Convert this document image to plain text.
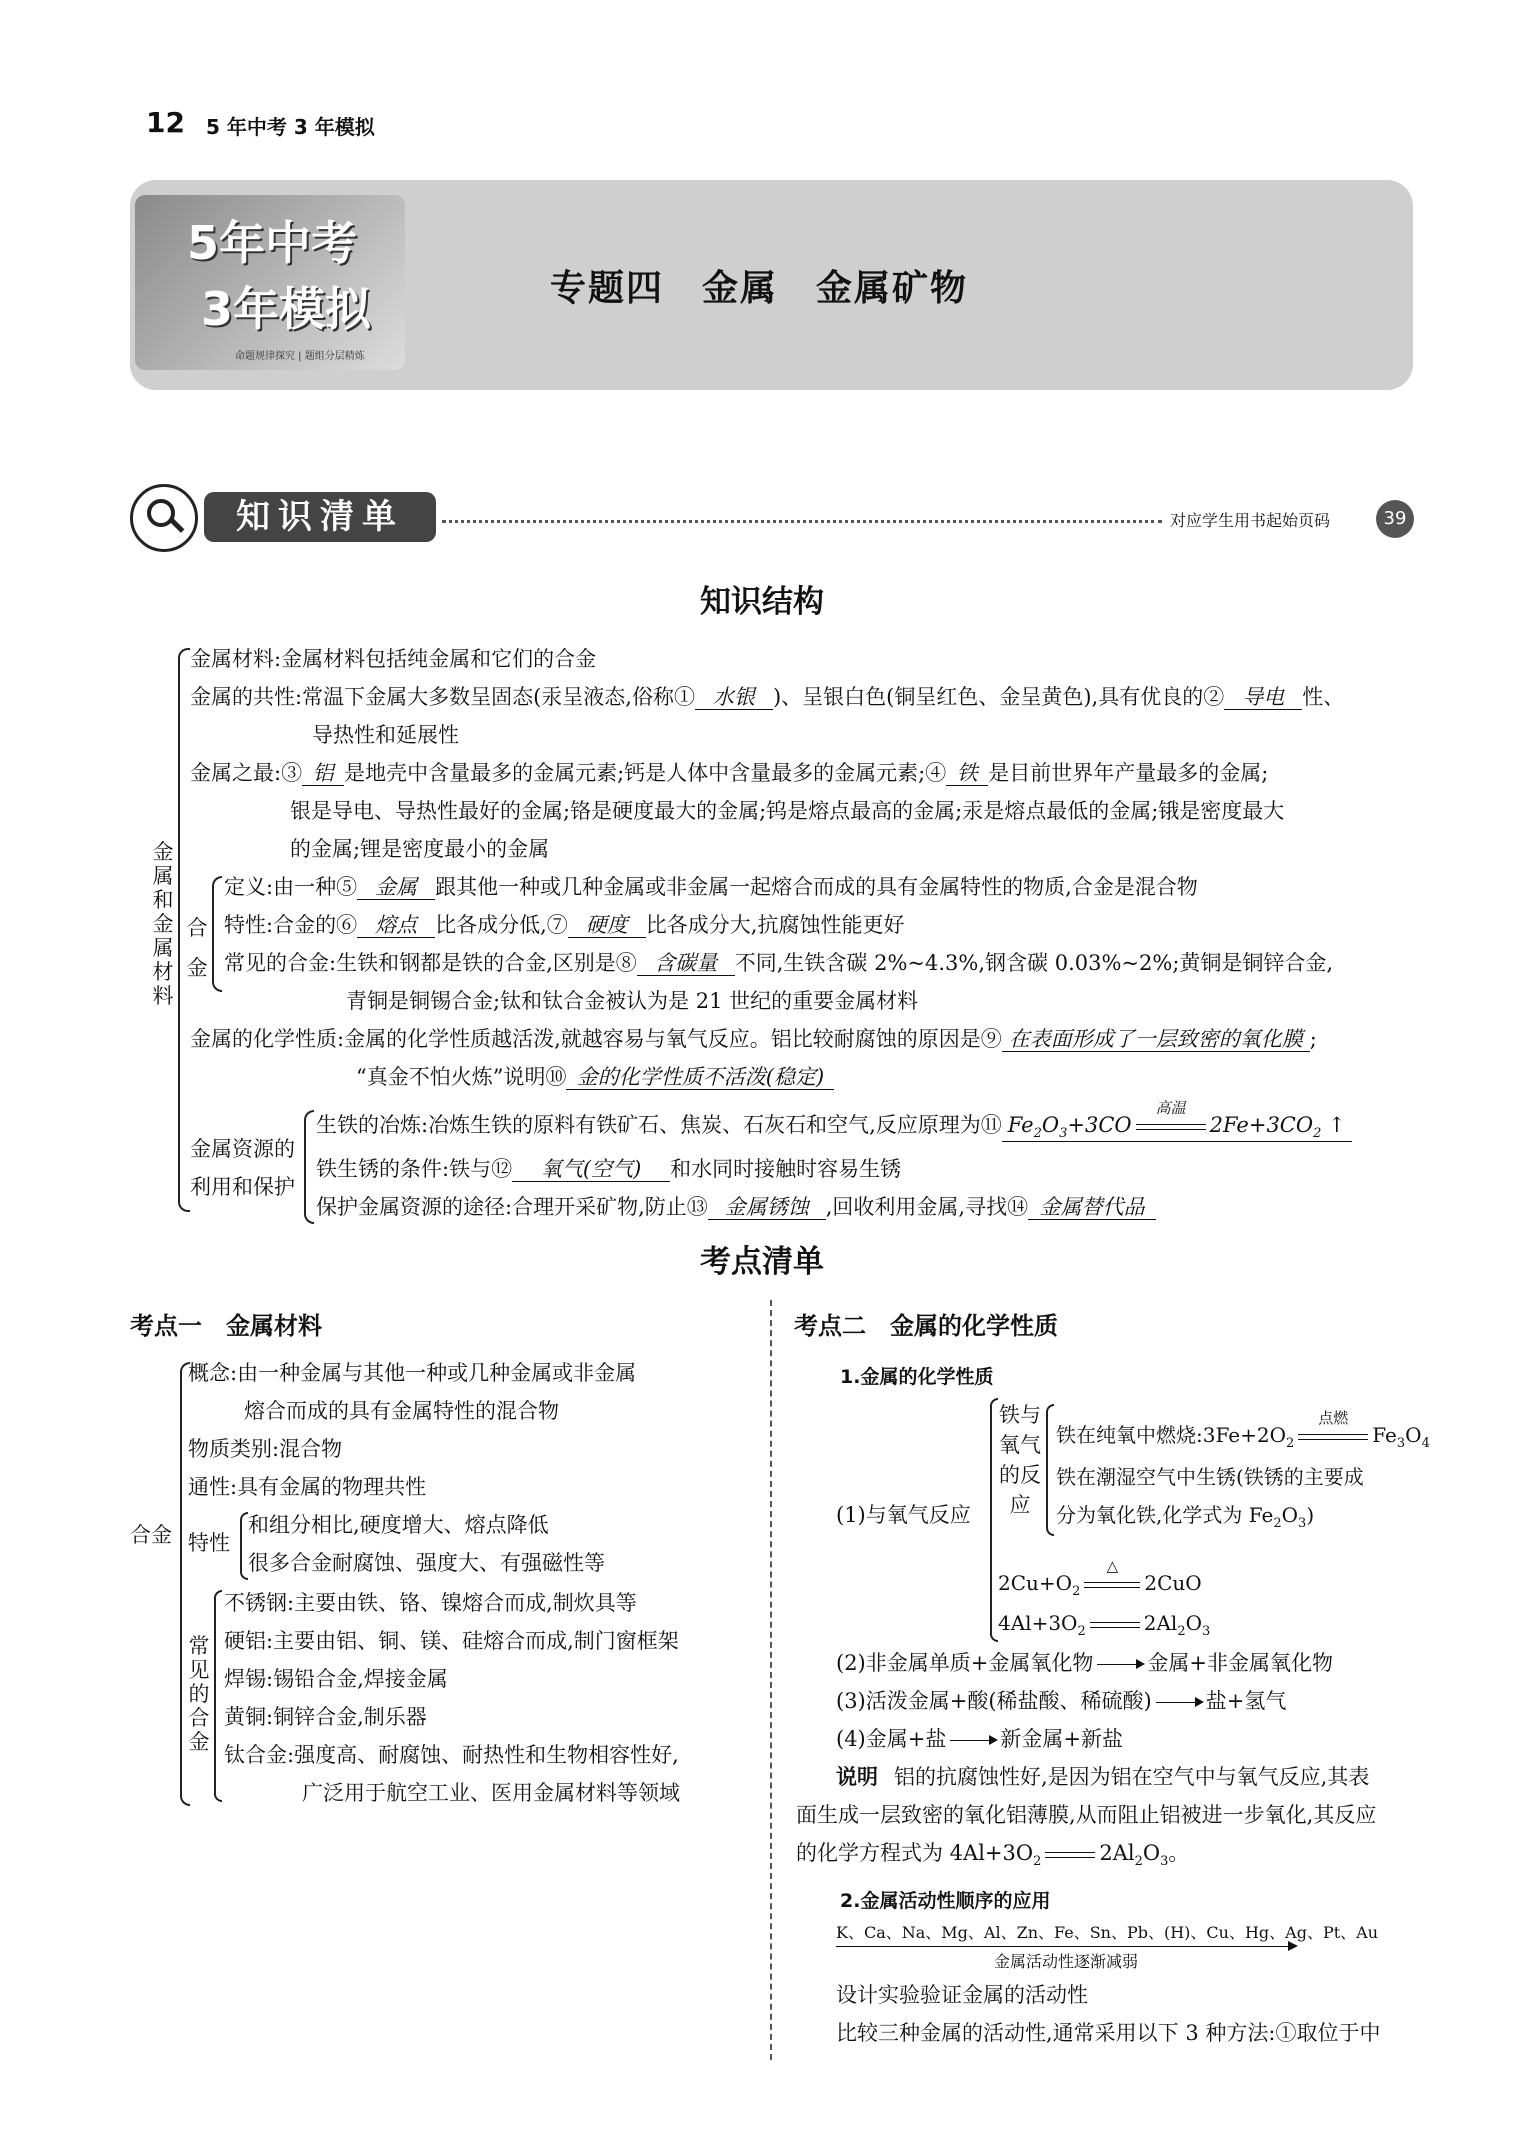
12 5 年中考 3 年模拟
5年中考
3年模拟
命题规律探究 | 题组分层精炼
专题四　金属　金属矿物
知识清单	对应学生用书起始页码	39
知识结构
金属和金属材料
金属材料:金属材料包括纯金属和它们的合金
金属的共性:常温下金属大多数呈固态(汞呈液态,俗称① 水银 )、呈银白色(铜呈红色、金呈黄色),具有优良的② 导电 性、
导热性和延展性
金属之最:③ 铝 是地壳中含量最多的金属元素;钙是人体中含量最多的金属元素;④ 铁 是目前世界年产量最多的金属;
银是导电、导热性最好的金属;铬是硬度最大的金属;钨是熔点最高的金属;汞是熔点最低的金属;锇是密度最大
的金属;锂是密度最小的金属
合金
定义:由一种⑤ 金属 跟其他一种或几种金属或非金属一起熔合而成的具有金属特性的物质,合金是混合物
特性:合金的⑥ 熔点 比各成分低,⑦ 硬度 比各成分大,抗腐蚀性能更好
常见的合金:生铁和钢都是铁的合金,区别是⑧ 含碳量 不同,生铁含碳 2%~4.3%,钢含碳 0.03%~2%;黄铜是铜锌合金,
青铜是铜锡合金;钛和钛合金被认为是 21 世纪的重要金属材料
金属的化学性质:金属的化学性质越活泼,就越容易与氧气反应。铝比较耐腐蚀的原因是⑨ 在表面形成了一层致密的氧化膜 ;
“真金不怕火炼”说明⑩ 金的化学性质不活泼(稳定)
金属资源的
利用和保护
生铁的冶炼:冶炼生铁的原料有铁矿石、焦炭、石灰石和空气,反应原理为⑪ $Fe_2O_3+3CO$
高温
$2Fe+3CO_2$ ↑
铁生锈的条件:铁与⑫ 氧气(空气) 和水同时接触时容易生锈
保护金属资源的途径:合理开采矿物,防止⑬ 金属锈蚀 ,回收利用金属,寻找⑭ 金属替代品
考点清单
考点一　金属材料
合金
概念:由一种金属与其他一种或几种金属或非金属
熔合而成的具有金属特性的混合物
物质类别:混合物
通性:具有金属的物理共性
特性
和组分相比,硬度增大、熔点降低
很多合金耐腐蚀、强度大、有强磁性等
常见的合金
不锈钢:主要由铁、铬、镍熔合而成,制炊具等
硬铝:主要由铝、铜、镁、硅熔合而成,制门窗框架
焊锡:锡铅合金,焊接金属
黄铜:铜锌合金,制乐器
钛合金:强度高、耐腐蚀、耐热性和生物相容性好,
广泛用于航空工业、医用金属材料等领域
考点二　金属的化学性质
1.金属的化学性质
(1)与氧气反应
铁与氧气的反应
铁在纯氧中燃烧$:3Fe+2O_2$
点燃
$Fe_3O_4$
铁在潮湿空气中生锈(铁锈的主要成
分为氧化铁,化学式为 $Fe_2O_3$)
$2Cu+O_2$
△
2CuO
$4Al+3O_2$	$2Al_2O_3$
(2)非金属单质+金属氧化物	金属+非金属氧化物
(3)活泼金属+酸(稀盐酸、稀硫酸)	盐+氢气
(4)金属+盐	新金属+新盐
说明 铝的抗腐蚀性好,是因为铝在空气中与氧气反应,其表
面生成一层致密的氧化铝薄膜,从而阻止铝被进一步氧化,其反应
的化学方程式为 $4Al+3O_2$	$2Al_2O_3$。
2.金属活动性顺序的应用
K、Ca、Na、Mg、Al、Zn、Fe、Sn、Pb、(H)、Cu、Hg、Ag、Pt、Au
金属活动性逐渐减弱
设计实验验证金属的活动性
比较三种金属的活动性,通常采用以下 3 种方法:①取位于中
